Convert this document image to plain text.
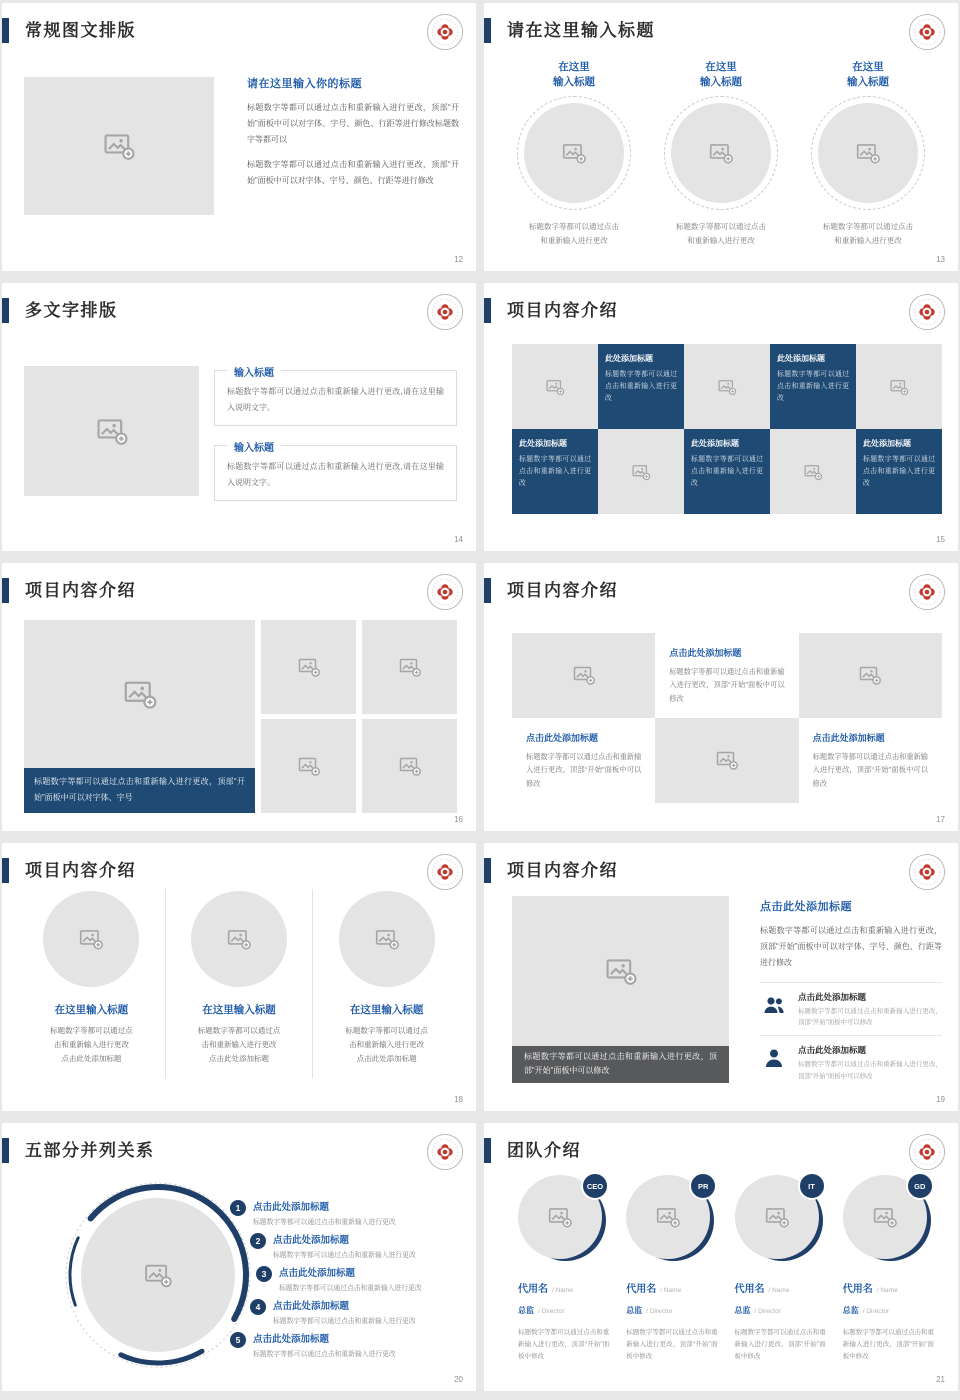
常规图文排版
请在这里输入你的标题

标题数字等都可以通过点击和重新输入进行更改，顶部“开始”面板中可以对字体、字号、颜色、行距等进行修改标题数字等都可以

标题数字等都可以通过点击和重新输入进行更改，顶部“开始”面板中可以对字体、字号、颜色、行距等进行修改

12
请在这里输入标题
在这里
输入标题
标题数字等都可以通过点击
和重新输入进行更改
在这里
输入标题
标题数字等都可以通过点击
和重新输入进行更改
在这里
输入标题
标题数字等都可以通过点击
和重新输入进行更改
13
多文字排版
输入标题

标题数字等都可以通过点击和重新输入进行更改,请在这里输入说明文字。

输入标题

标题数字等都可以通过点击和重新输入进行更改,请在这里输入说明文字。

14
项目内容介绍
此处添加标题

标题数字等都可以通过点击和重新输入进行更改

此处添加标题

标题数字等都可以通过点击和重新输入进行更改

此处添加标题

标题数字等都可以通过点击和重新输入进行更改

此处添加标题

标题数字等都可以通过点击和重新输入进行更改

此处添加标题

标题数字等都可以通过点击和重新输入进行更改

15
项目内容介绍
标题数字等都可以通过点击和重新输入进行更改，顶部“开始”面板中可以对字体、字号
16
项目内容介绍
点击此处添加标题

标题数字等都可以通过点击和重新输入进行更改，顶部“开始”面板中可以修改

点击此处添加标题

标题数字等都可以通过点击和重新输入进行更改，顶部“开始”面板中可以修改

点击此处添加标题

标题数字等都可以通过点击和重新输入进行更改，顶部“开始”面板中可以修改

17
项目内容介绍
在这里输入标题
标题数字等都可以通过点
击和重新输入进行更改
点击此处添加标题
在这里输入标题
标题数字等都可以通过点
击和重新输入进行更改
点击此处添加标题
在这里输入标题
标题数字等都可以通过点
击和重新输入进行更改
点击此处添加标题
18
项目内容介绍
标题数字等都可以通过点击和重新输入进行更改，顶部“开始”面板中可以修改
点击此处添加标题

标题数字等都可以通过点击和重新输入进行更改，顶部“开始”面板中可以对字体、字号、颜色、行距等进行修改

点击此处添加标题

标题数字等都可以通过点击和重新输入进行更改，顶部“开始”面板中可以修改

点击此处添加标题

标题数字等都可以通过点击和重新输入进行更改，顶部“开始”面板中可以修改

19
五部分并列关系
1	点击此处添加标题
标题数字等都可以通过点击和重新输入进行更改
2	点击此处添加标题
标题数字等都可以通过点击和重新输入进行更改
3	点击此处添加标题
标题数字等都可以通过点击和重新输入进行更改
4	点击此处添加标题
标题数字等都可以通过点击和重新输入进行更改
5	点击此处添加标题
标题数字等都可以通过点击和重新输入进行更改
20
团队介绍
CEO
代用名 / Name
总监 / Director

标题数字等都可以通过点击和重新输入进行更改，顶部“开始”面板中修改

PR
代用名 / Name
总监 / Director

标题数字等都可以通过点击和重新输入进行更改，顶部“开始”面板中修改

IT
代用名 / Name
总监 / Director

标题数字等都可以通过点击和重新输入进行更改，顶部“开始”面板中修改

GD
代用名 / Name
总监 / Director

标题数字等都可以通过点击和重新输入进行更改，顶部“开始”面板中修改

21
